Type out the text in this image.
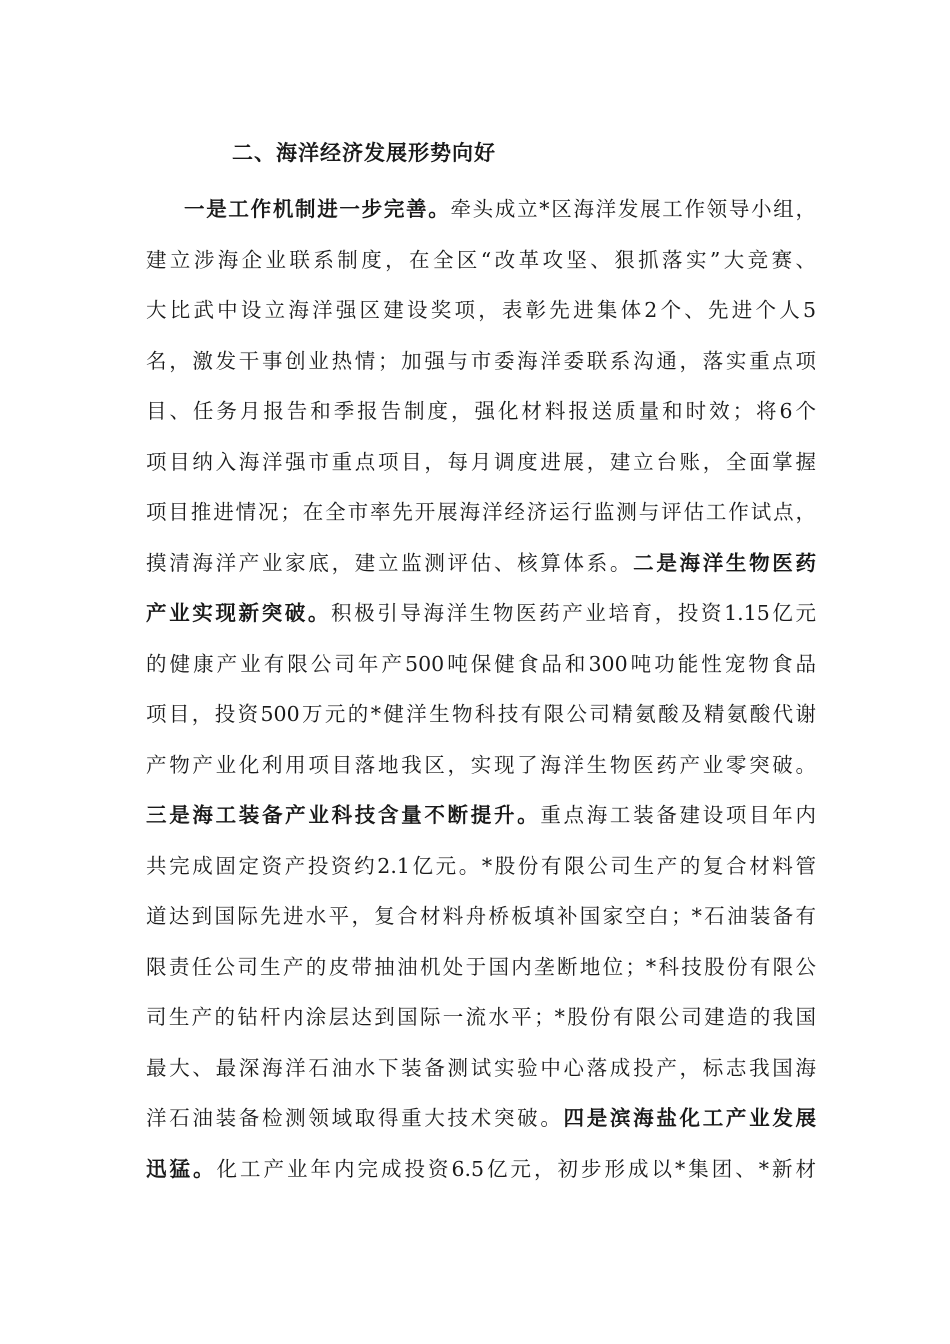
二、海洋经济发展形势向好
一是工作机制进一步完善。牵头成立*区海洋发展工作领导小组，
建立涉海企业联系制度，在全区“改革攻坚、狠抓落实”大竞赛、
大比武中设立海洋强区建设奖项，表彰先进集体2个、先进个人5
名，激发干事创业热情；加强与市委海洋委联系沟通，落实重点项
目、任务月报告和季报告制度，强化材料报送质量和时效；将6个
项目纳入海洋强市重点项目，每月调度进展，建立台账，全面掌握
项目推进情况；在全市率先开展海洋经济运行监测与评估工作试点，
摸清海洋产业家底，建立监测评估、核算体系。二是海洋生物医药
产业实现新突破。积极引导海洋生物医药产业培育，投资1.15亿元
的健康产业有限公司年产500吨保健食品和300吨功能性宠物食品
项目，投资500万元的*健洋生物科技有限公司精氨酸及精氨酸代谢
产物产业化利用项目落地我区，实现了海洋生物医药产业零突破。
三是海工装备产业科技含量不断提升。重点海工装备建设项目年内
共完成固定资产投资约2.1亿元。*股份有限公司生产的复合材料管
道达到国际先进水平，复合材料舟桥板填补国家空白；*石油装备有
限责任公司生产的皮带抽油机处于国内垄断地位；*科技股份有限公
司生产的钻杆内涂层达到国际一流水平；*股份有限公司建造的我国
最大、最深海洋石油水下装备测试实验中心落成投产，标志我国海
洋石油装备检测领域取得重大技术突破。四是滨海盐化工产业发展
迅猛。化工产业年内完成投资6.5亿元，初步形成以*集团、*新材
